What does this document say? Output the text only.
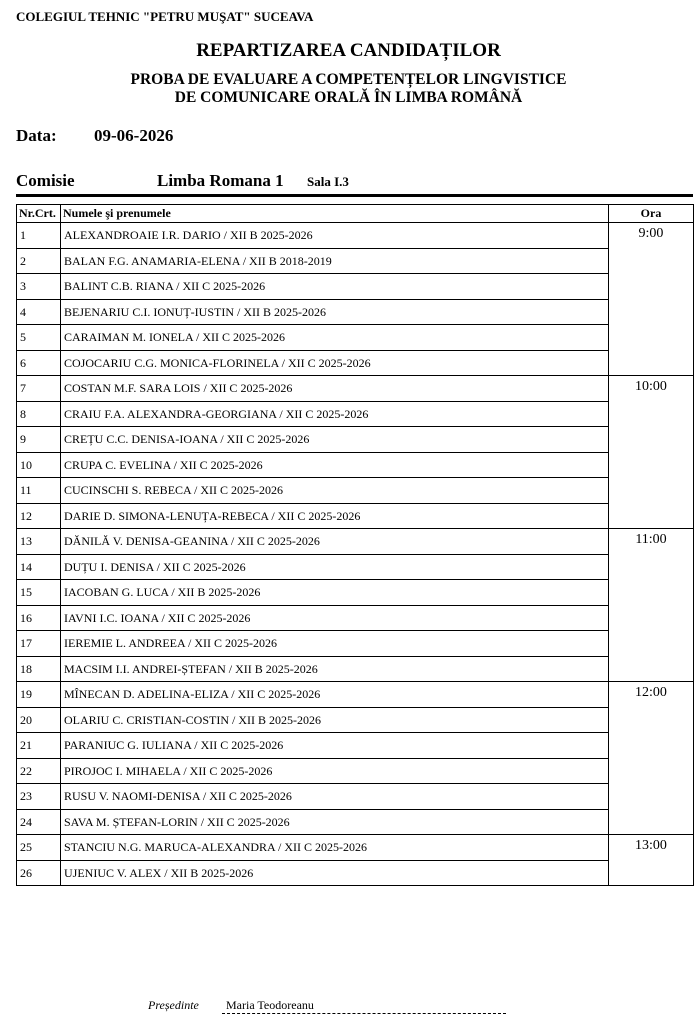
COLEGIUL TEHNIC "PETRU MUŞAT" SUCEAVA
REPARTIZAREA CANDIDAȚILOR
PROBA DE EVALUARE A COMPETENȚELOR LINGVISTICE
DE COMUNICARE ORALĂ ÎN LIMBA ROMÂNĂ
Data: 09-06-2026
Comisie	Limba Romana 1 Sala I.3
Nr.Crt.	Numele şi prenumele	Ora
1	ALEXANDROAIE I.R. DARIO / XII B 2025-2026	9:00
2	BALAN F.G. ANAMARIA-ELENA / XII B 2018-2019	
3	BALINT C.B. RIANA / XII C 2025-2026	
4	BEJENARIU C.I. IONUȚ-IUSTIN / XII B 2025-2026	
5	CARAIMAN M. IONELA / XII C 2025-2026	
6	COJOCARIU C.G. MONICA-FLORINELA / XII C 2025-2026	
7	COSTAN M.F. SARA LOIS / XII C 2025-2026	10:00
8	CRAIU F.A. ALEXANDRA-GEORGIANA / XII C 2025-2026	
9	CREȚU C.C. DENISA-IOANA / XII C 2025-2026	
10	CRUPA C. EVELINA / XII C 2025-2026	
11	CUCINSCHI S. REBECA / XII C 2025-2026	
12	DARIE D. SIMONA-LENUȚA-REBECA / XII C 2025-2026	
13	DĂNILĂ V. DENISA-GEANINA / XII C 2025-2026	11:00
14	DUȚU I. DENISA / XII C 2025-2026	
15	IACOBAN G. LUCA / XII B 2025-2026	
16	IAVNI I.C. IOANA / XII C 2025-2026	
17	IEREMIE L. ANDREEA / XII C 2025-2026	
18	MACSIM I.I. ANDREI-ȘTEFAN / XII B 2025-2026	
19	MÎNECAN D. ADELINA-ELIZA / XII C 2025-2026	12:00
20	OLARIU C. CRISTIAN-COSTIN / XII B 2025-2026	
21	PARANIUC G. IULIANA / XII C 2025-2026	
22	PIROJOC I. MIHAELA / XII C 2025-2026	
23	RUSU V. NAOMI-DENISA / XII C 2025-2026	
24	SAVA M. ȘTEFAN-LORIN / XII C 2025-2026	
25	STANCIU N.G. MARUCA-ALEXANDRA / XII C 2025-2026	13:00
26	UJENIUC V. ALEX / XII B 2025-2026	
Președinte Maria Teodoreanu
